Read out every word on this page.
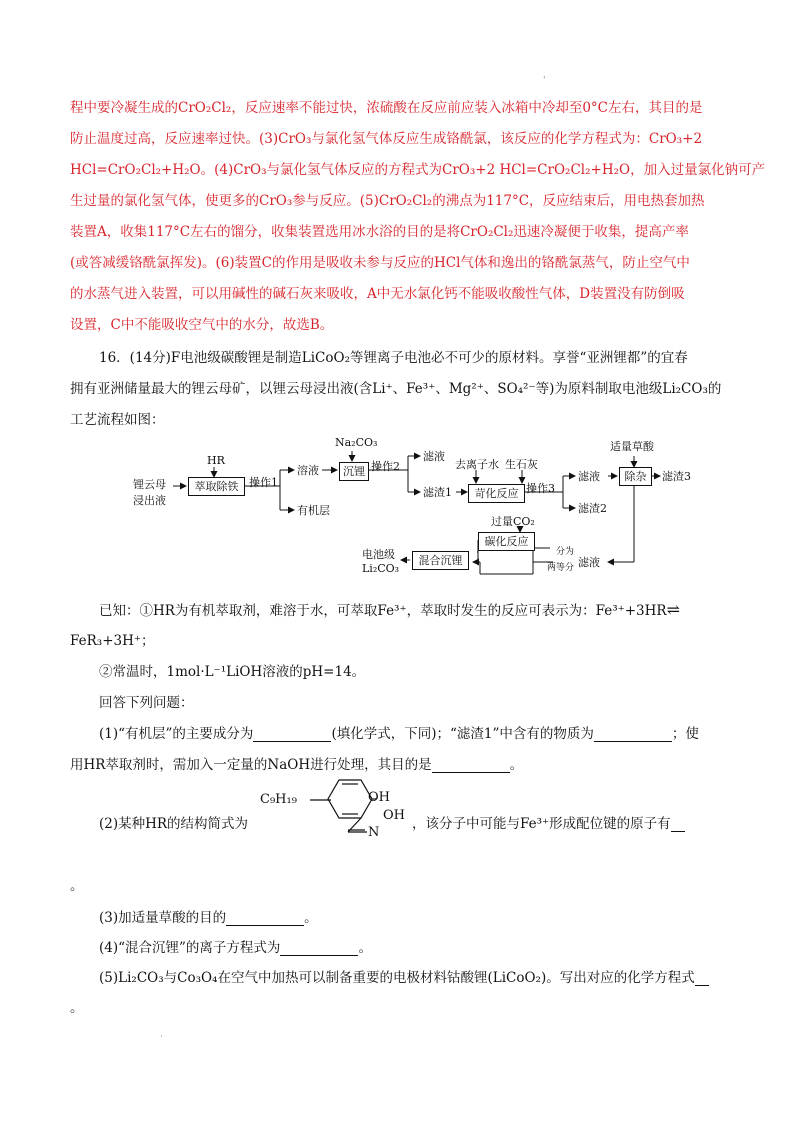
'
程中要冷凝生成的CrO₂Cl₂，反应速率不能过快，浓硫酸在反应前应装入冰箱中冷却至0°C左右，其目的是
防止温度过高，反应速率过快。(3)CrO₃与氯化氢气体反应生成铬酰氯，该反应的化学方程式为：CrO₃+2
HCl=CrO₂Cl₂+H₂O。(4)CrO₃与氯化氢气体反应的方程式为CrO₃+2 HCl=CrO₂Cl₂+H₂O，加入过量氯化钠可产
生过量的氯化氢气体，使更多的CrO₃参与反应。(5)CrO₂Cl₂的沸点为117°C，反应结束后，用电热套加热
装置A，收集117°C左右的馏分，收集装置选用冰水浴的目的是将CrO₂Cl₂迅速冷凝便于收集，提高产率
(或答减缓铬酰氯挥发)。(6)装置C的作用是吸收未参与反应的HCl气体和逸出的铬酰氯蒸气，防止空气中
的水蒸气进入装置，可以用碱性的碱石灰来吸收，A中无水氯化钙不能吸收酸性气体，D装置没有防倒吸
设置，C中不能吸收空气中的水分，故选B。
16．(14分)F电池级碳酸锂是制造LiCoO₂等锂离子电池必不可少的原材料。享誉“亚洲锂都”的宜春
拥有亚洲储量最大的锂云母矿，以锂云母浸出液(含Li⁺、Fe³⁺、Mg²⁺、SO₄²⁻等)为原料制取电池级Li₂CO₃的
工艺流程如图：
锂云母
浸出液
HR
萃取除铁 操作1
溶液
有机层
Na₂CO₃
沉锂 操作2
滤液
滤渣1
去离子水 生石灰
苛化反应 操作3
滤液
滤渣2
适量草酸
除杂	滤渣3
过量CO₂
碳化反应
分为
两等分 滤液
混合沉锂
电池级
Li₂CO₃
已知：①HR为有机萃取剂，难溶于水，可萃取Fe³⁺，萃取时发生的反应可表示为：Fe³⁺+3HR⇌
FeR₃+3H⁺；
②常温时，1mol·L⁻¹LiOH溶液的pH=14。
回答下列问题：
(1)“有机层”的主要成分为	(填化学式，下同)；“滤渣1”中含有的物质为	；使
用HR萃取剂时，需加入一定量的NaOH进行处理，其目的是	。
(2)某种HR的结构简式为
C₉H₁₉	OH
N
OH
，该分子中可能与Fe³⁺形成配位键的原子有
。
(3)加适量草酸的目的	。
(4)“混合沉锂”的离子方程式为	。
(5)Li₂CO₃与Co₃O₄在空气中加热可以制备重要的电极材料钴酸锂(LiCoO₂)。写出对应的化学方程式
。
·
